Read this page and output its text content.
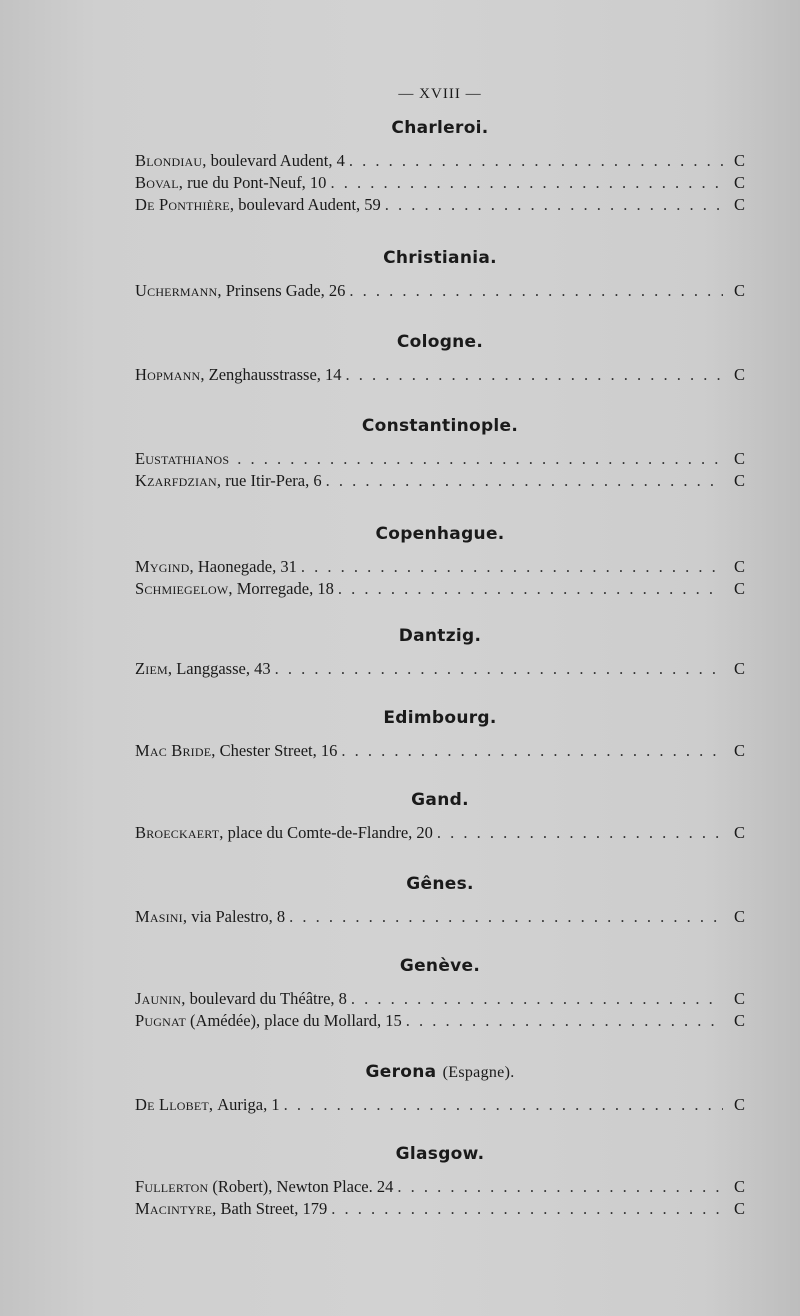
— XVIII —
Charleroi.
Blondiau, boulevard Audent, 4 . . .	C
Boval, rue du Pont-Neuf, 10 . . .	C
De Ponthière, boulevard Audent, 59 . . .	C
Christiania.
Uchermann, Prinsens Gade, 26 . . .	C
Cologne.
Hopmann, Zenghausstrasse, 14 . . .	C
Constantinople.
Eustathianos . . .	C
Kzarfdzian, rue Itir-Pera, 6 . . .	C
Copenhague.
Mygind, Haonegade, 31 . . .	C
Schmiegelow, Morregade, 18 . . .	C
Dantzig.
Ziem, Langgasse, 43 . . .	C
Edimbourg.
Mac Bride, Chester Street, 16 . . .	C
Gand.
Broeckaert, place du Comte-de-Flandre, 20 . . .	C
Gênes.
Masini, via Palestro, 8 . . .	C
Genève.
Jaunin, boulevard du Théâtre, 8 . . .	C
Pugnat (Amédée), place du Mollard, 15 . . .	C
Gerona (Espagne).
De Llobet, Auriga, 1 . . .	C
Glasgow.
Fullerton (Robert), Newton Place. 24 . . .	C
Macintyre, Bath Street, 179 . . .	C
